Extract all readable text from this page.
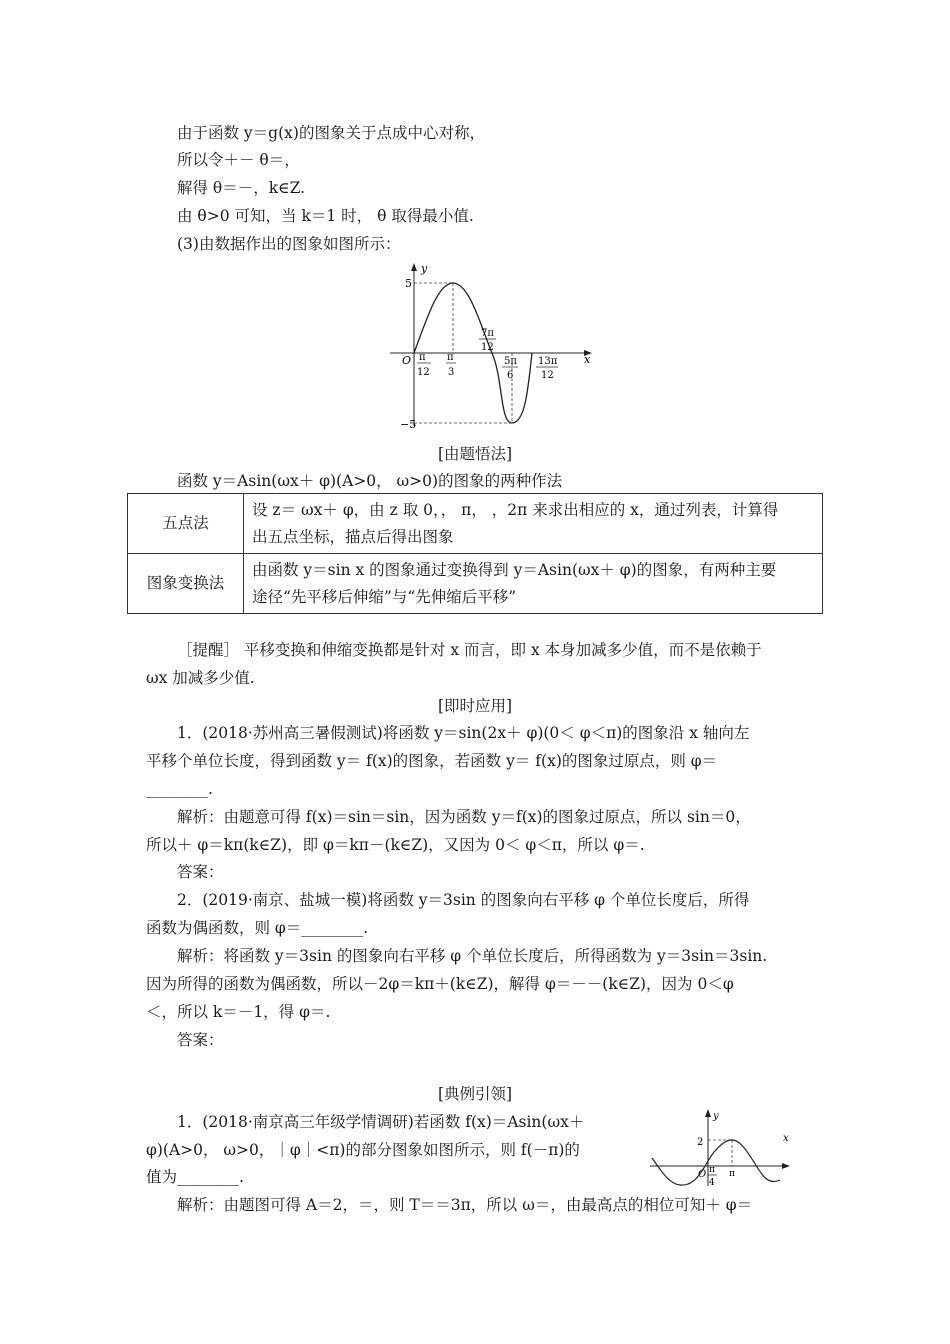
由于函数 y＝g(x)的图象关于点成中心对称，
所以令＋－ θ＝，
解得 θ＝－，k∈Z.
由 θ>0 可知，当 k＝1 时， θ 取得最小值.
(3)由数据作出的图象如图所示：
y
x
O
5
−5
π
12
π
3
7π
12
5π
6
13π
12
[由题悟法]
函数 y＝Asin(ωx＋ φ)(A>0， ω>0)的图象的两种作法
五点法	设 z＝ ωx＋ φ，由 z 取 0，， π， ，2π 来求出相应的 x，通过列表，计算得
出五点坐标，描点后得出图象

图象变换法	由函数 y＝sin x 的图象通过变换得到 y＝Asin(ωx＋ φ)的图象，有两种主要
途径“先平移后伸缩”与“先伸缩后平移”
［提醒］ 平移变换和伸缩变换都是针对 x 而言，即 x 本身加减多少值，而不是依赖于
ωx 加减多少值.
[即时应用]
1．(2018·苏州高三暑假测试)将函数 y＝sin(2x＋ φ)(0＜ φ＜π)的图象沿 x 轴向左
平移个单位长度，得到函数 y＝ f(x)的图象，若函数 y＝ f(x)的图象过原点，则 φ＝
________.
解析：由题意可得 f(x)＝sin＝sin，因为函数 y＝f(x)的图象过原点，所以 sin＝0，
所以＋ φ＝kπ(k∈Z)，即 φ＝kπ－(k∈Z)，又因为 0＜ φ＜π，所以 φ＝.
答案：
2．(2019·南京、盐城一模)将函数 y＝3sin 的图象向右平移 φ 个单位长度后，所得
函数为偶函数，则 φ＝________.
解析：将函数 y＝3sin 的图象向右平移 φ 个单位长度后，所得函数为 y＝3sin＝3sin.
因为所得的函数为偶函数，所以－2φ＝kπ＋(k∈Z)，解得 φ＝－－(k∈Z)，因为 0＜φ
＜，所以 k＝－1，得 φ＝.
答案：
[典例引领]
1．(2018·南京高三年级学情调研)若函数 f(x)＝Asin(ωx＋
φ)(A>0， ω>0，｜φ｜<π)的部分图象如图所示，则 f(－π)的
值为________.
y
x
O
2
π
4
π
解析：由题图可得 A＝2，＝，则 T＝＝3π，所以 ω＝，由最高点的相位可知＋ φ＝
